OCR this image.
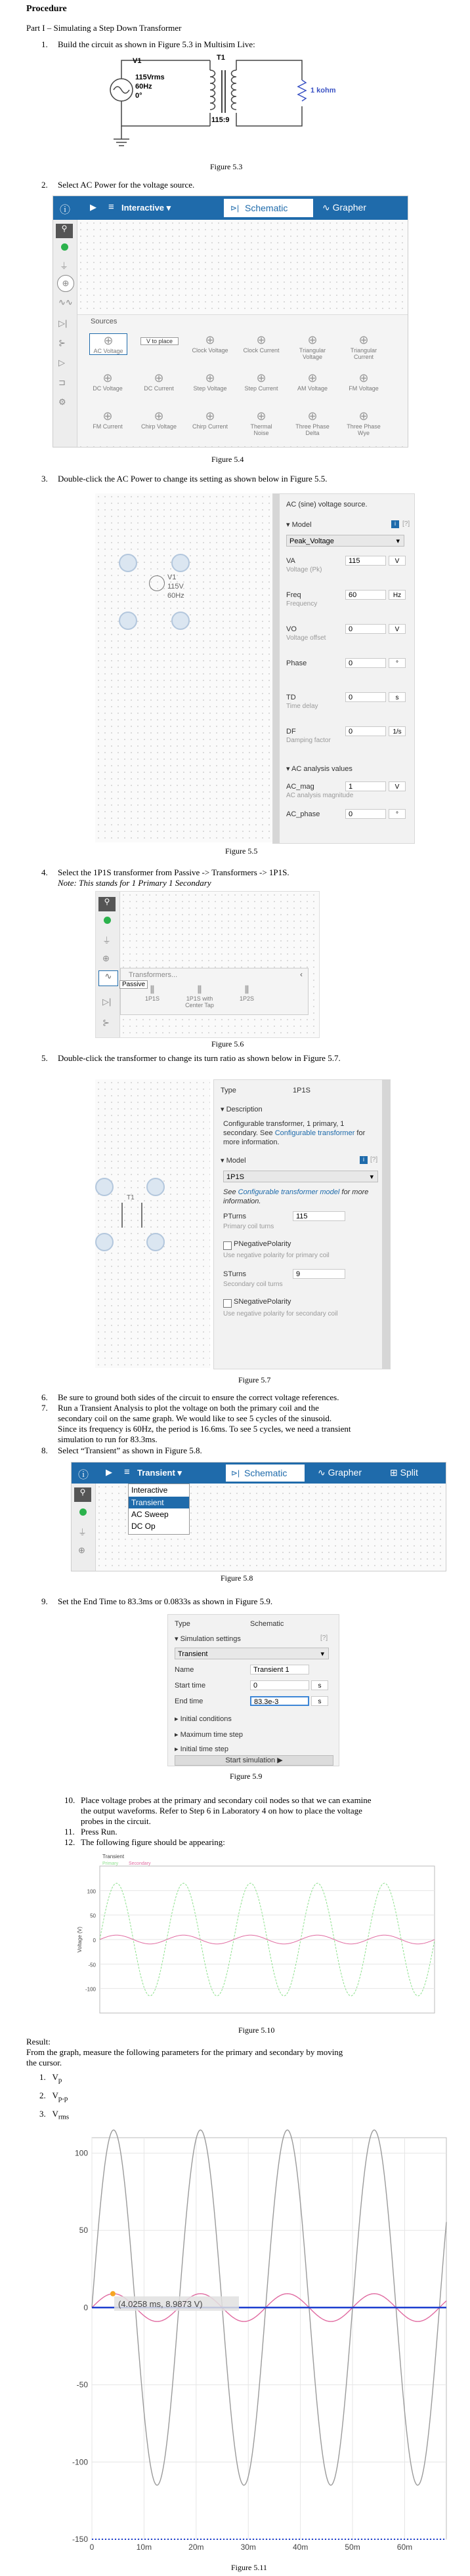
Procedure
Part I – Simulating a Step Down Transformer
1. Build the circuit as shown in Figure 5.3 in Multisim Live:
V1
115Vrms
60Hz
0°
T1
115:9
1 kohm
Figure 5.3
2. Select AC Power for the voltage source.
ⓘ ▶ ≡ Interactive ▾	⊳| Schematic	∿ Grapher
⚲
⏚
⊕
∿∿
▷|
⊱
▷
⊐
⚙
Sources
⊕
AC Voltage
V to place	⊕
Clock Voltage
⊕
Clock Current
⊕
Triangular Voltage
⊕
Triangular Current
⊕
DC Voltage
⊕
DC Current
⊕
Step Voltage
⊕
Step Current
⊕
AM Voltage
⊕
FM Voltage
⊕
FM Current
⊕
Chirp Voltage
⊕
Chirp Current
⊕
Thermal Noise
⊕
Three Phase Delta
⊕
Three Phase Wye
Figure 5.4
3. Double-click the AC Power to change its setting as shown below in Figure 5.5.
V1
115V
60Hz
AC (sine) voltage source.
▾ Model	i	[?]
Peak_Voltage	▾
VA	115	V
Voltage (Pk)
Freq	60	Hz
Frequency
VO	0	V
Voltage offset
Phase	0	°
TD	0	s
Time delay
DF	0	1/s
Damping factor
▾ AC analysis values
AC_mag	1	V
AC analysis magnitude
AC_phase	0	°
Figure 5.5
4. Select the 1P1S transformer from Passive -> Transformers -> 1P1S.
Note: This stands for 1 Primary 1 Secondary
⚲
⏚
⊕
∿
▷|
⊱
Transformers...	‹
Passive ⫼
1P1S
⫼
1P1S with Center Tap
⫼
1P2S
Figure 5.6
5. Double-click the transformer to change its turn ratio as shown below in Figure 5.7.
T1
Type	1P1S
▾ Description
Configurable transformer, 1 primary, 1 secondary. See Configurable transformer for more information.
▾ Model	i [?]
1P1S	▾
See Configurable transformer model for more information.
PTurns	115
Primary coil turns
PNegativePolarity
Use negative polarity for primary coil
STurns	9
Secondary coil turns
SNegativePolarity
Use negative polarity for secondary coil
Figure 5.7
6. Be sure to ground both sides of the circuit to ensure the correct voltage references.
7. Run a Transient Analysis to plot the voltage on both the primary coil and the
secondary coil on the same graph. We would like to see 5 cycles of the sinusoid.
Since its frequency is 60Hz, the period is 16.6ms. To see 5 cycles, we need a transient
simulation to run for 83.3ms.
8. Select “Transient” as shown in Figure 5.8.
ⓘ ▶ ≡ Transient ▾	⊳| Schematic	∿ Grapher	⊞ Split
⚲
⏚
⊕
Interactive
Transient
AC Sweep
DC Op
Figure 5.8
9. Set the End Time to 83.3ms or 0.0833s as shown in Figure 5.9.
Type	Schematic
▾ Simulation settings	[?]
Transient	▾
Name	Transient 1
Start time	0	s
End time	83.3e-3	s
▸ Initial conditions
▸ Maximum time step
▸ Initial time step
Start simulation ▶
Figure 5.9
10. Place voltage probes at the primary and secondary coil nodes so that we can examine
the output waveforms. Refer to Step 6 in Laboratory 4 on how to place the voltage
probes in the circuit.
11. Press Run.
12. The following figure should be appearing:
100
50
0
-50
-100
Transient
Primary Secondary
Voltage (V)
Figure 5.10
Result:
From the graph, measure the following parameters for the primary and secondary by moving
the cursor.
1.   $V_p$
2.   $V_{p-p}$
3.   $V_{rms}$
100
50
0
-50
-100
-150
0	10m	20m	30m	40m	50m	60m
(4.0258 ms, 8.9873 V)
Figure 5.11
